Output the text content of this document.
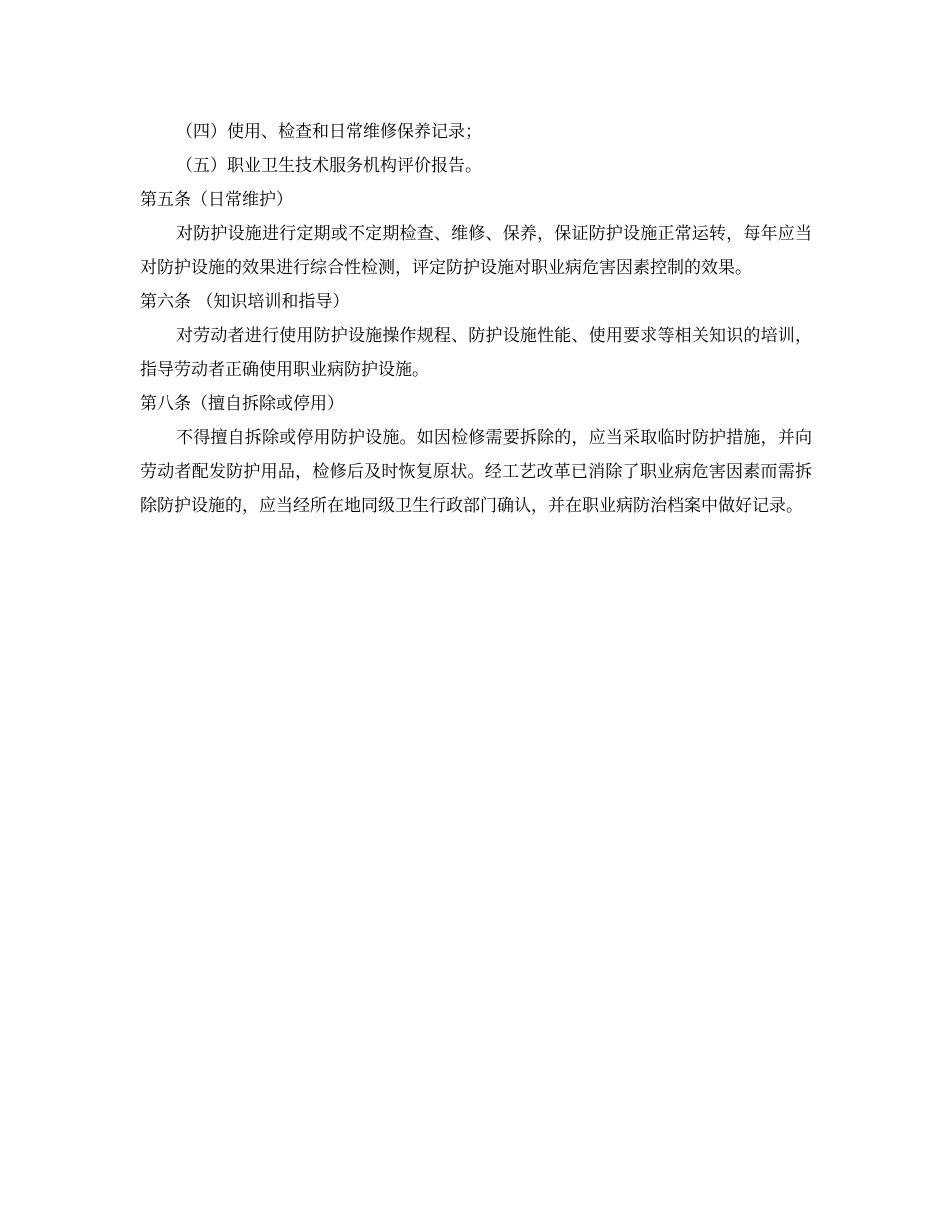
（四）使用、检查和日常维修保养记录；

（五）职业卫生技术服务机构评价报告。

第五条（日常维护）

对防护设施进行定期或不定期检查、维修、保养，保证防护设施正常运转，每年应当对防护设施的效果进行综合性检测，评定防护设施对职业病危害因素控制的效果。

第六条 （知识培训和指导）

对劳动者进行使用防护设施操作规程、防护设施性能、使用要求等相关知识的培训，指导劳动者正确使用职业病防护设施。

第八条（擅自拆除或停用）

不得擅自拆除或停用防护设施。如因检修需要拆除的，应当采取临时防护措施，并向劳动者配发防护用品，检修后及时恢复原状。经工艺改革已消除了职业病危害因素而需拆除防护设施的，应当经所在地同级卫生行政部门确认，并在职业病防治档案中做好记录。
